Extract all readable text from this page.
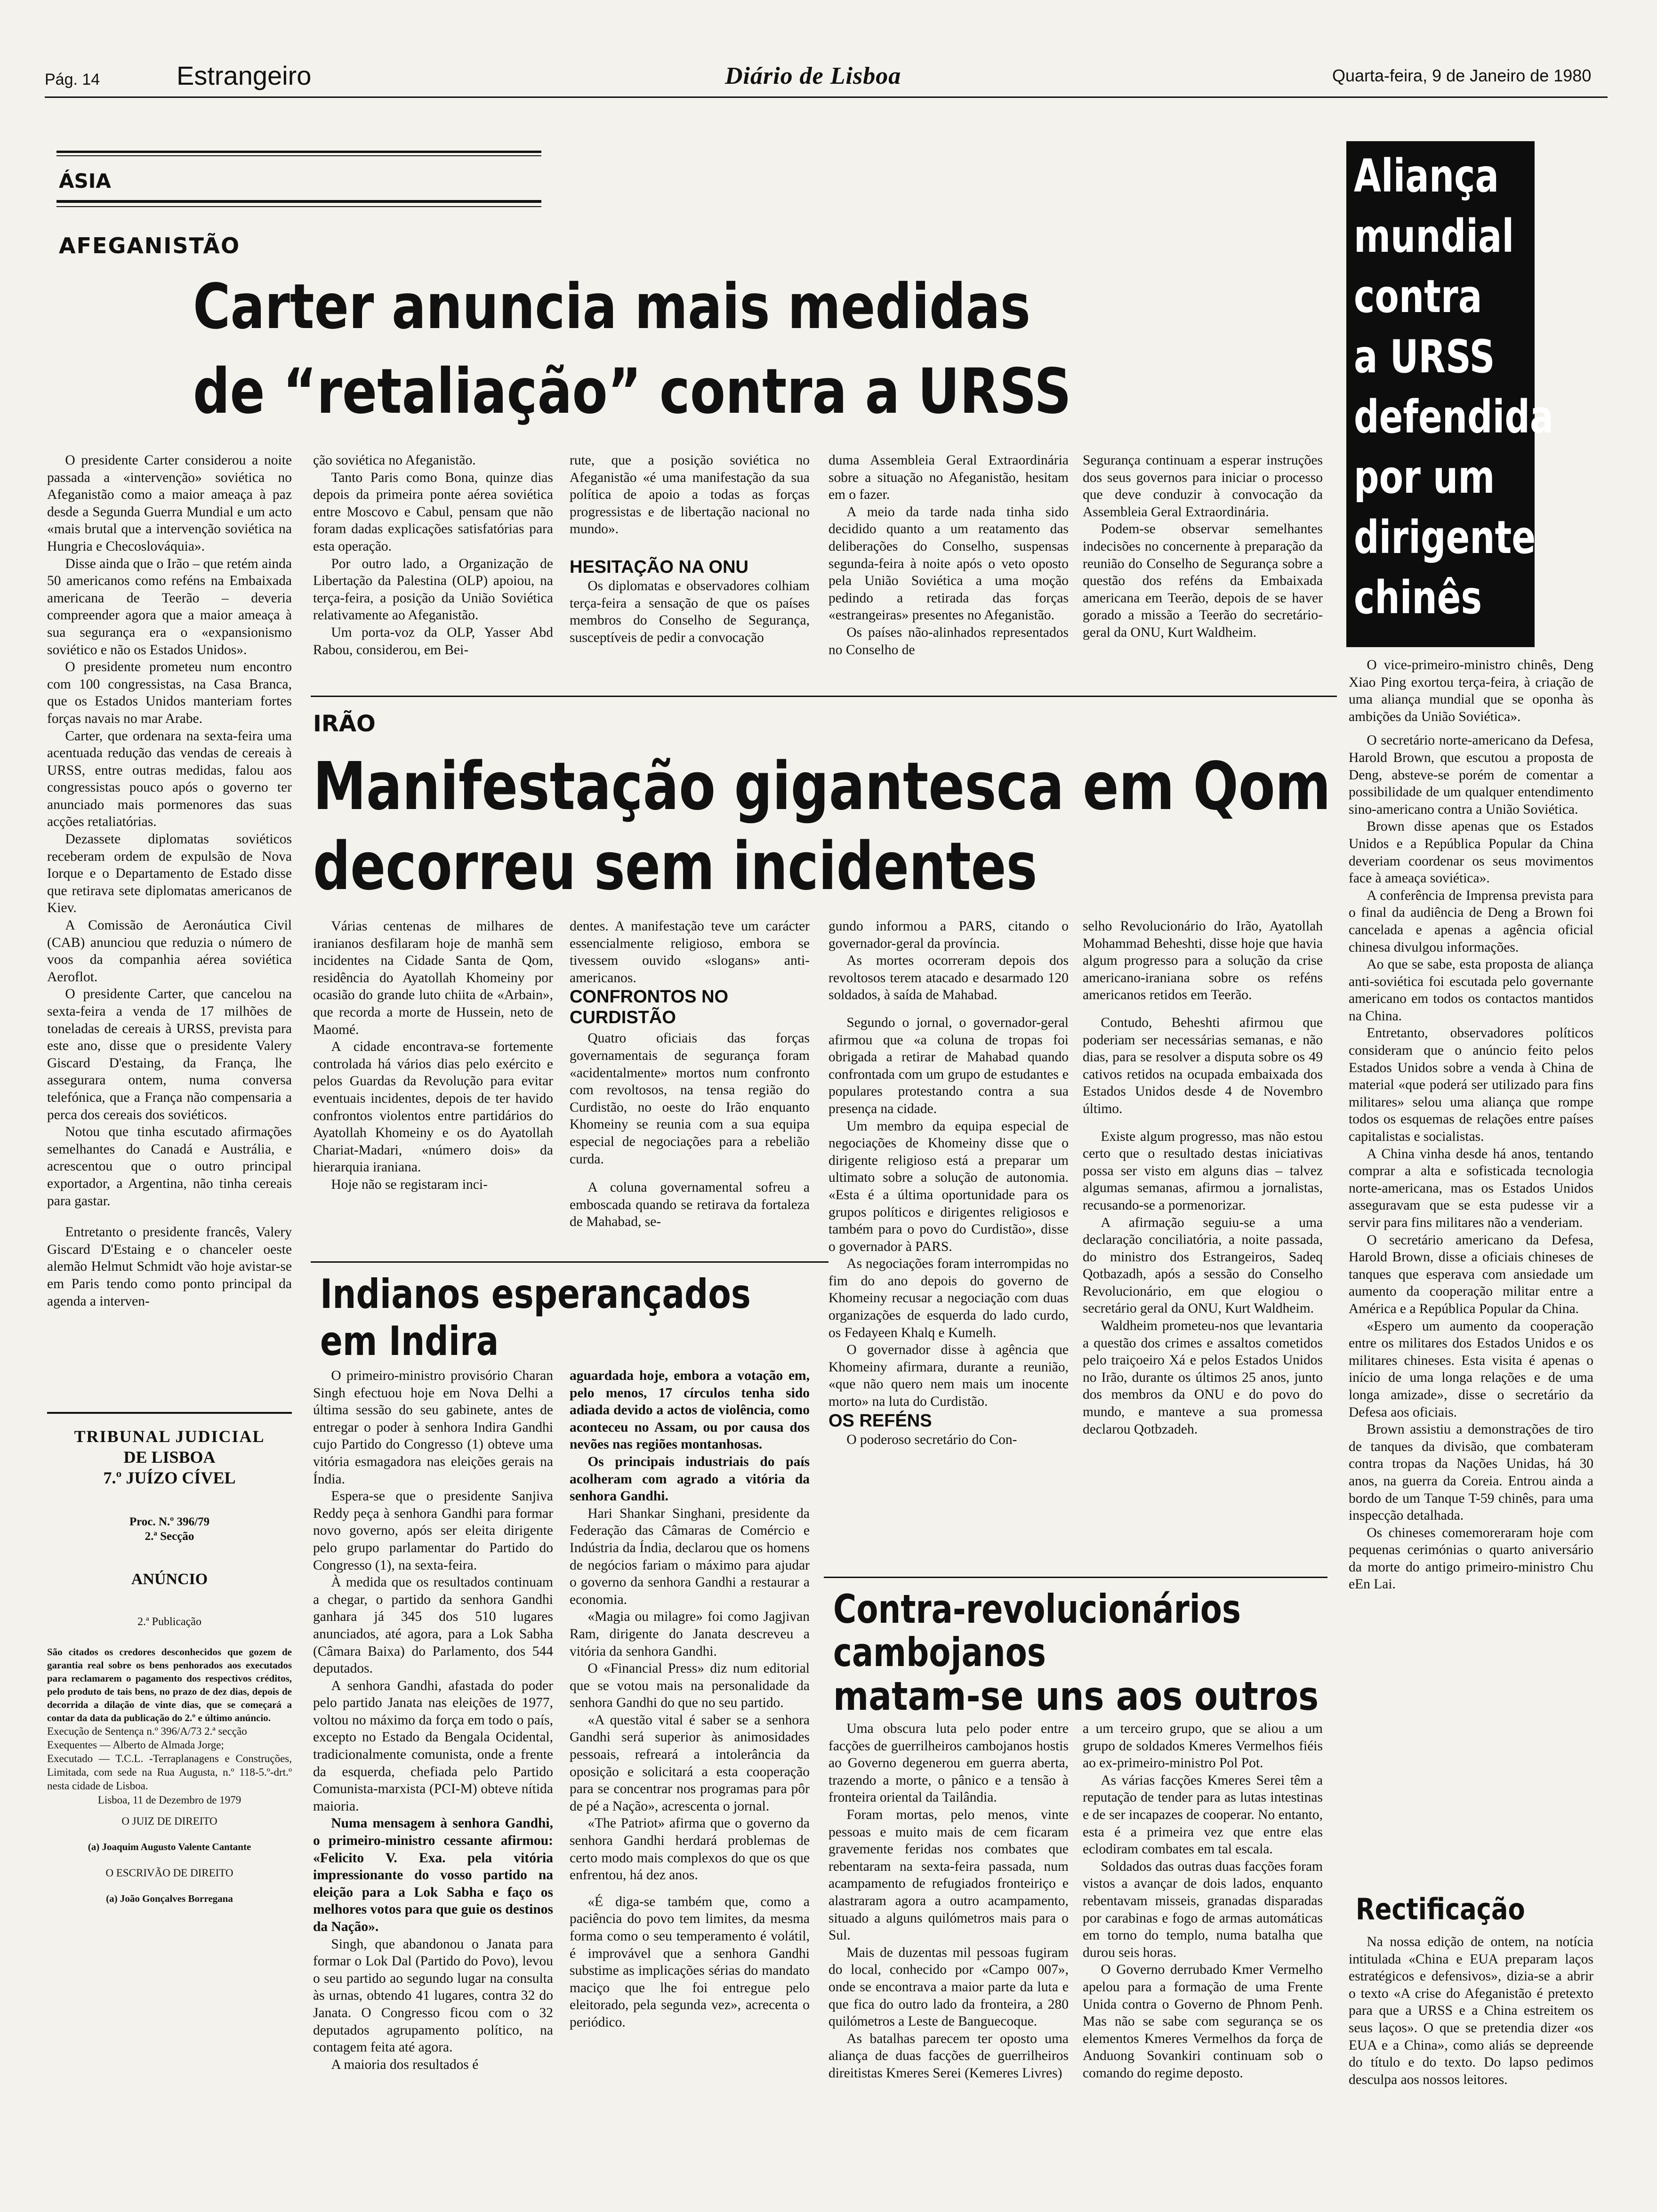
Pág. 14	Estrangeiro	Diário de Lisboa	Quarta-feira, 9 de Janeiro de 1980
ÁSIA
AFEGANISTÃO
Carter anuncia mais medidas
de “retaliação” contra a URSS

O presidente Carter considerou a noite passada a «intervenção» soviética no Afeganistão como a maior ameaça à paz desde a Segunda Guerra Mundial e um acto «mais brutal que a intervenção soviética na Hungria e Checoslováquia».

Disse ainda que o Irão – que retém ainda 50 americanos como reféns na Embaixada americana de Teerão – deveria compreender agora que a maior ameaça à sua segurança era o «expansionismo soviético e não os Estados Unidos».

O presidente prometeu num encontro com 100 congressistas, na Casa Branca, que os Estados Unidos manteriam fortes forças navais no mar Arabe.

Carter, que ordenara na sexta-feira uma acentuada redução das vendas de cereais à URSS, entre outras medidas, falou aos congressistas pouco após o governo ter anunciado mais pormenores das suas acções retaliatórias.

Dezassete diplomatas soviéticos receberam ordem de expulsão de Nova Iorque e o Departamento de Estado disse que retirava sete diplomatas americanos de Kiev.

A Comissão de Aeronáutica Civil (CAB) anunciou que reduzia o número de voos da companhia aérea soviética Aeroflot.

O presidente Carter, que cancelou na sexta-feira a venda de 17 milhões de toneladas de cereais à URSS, prevista para este ano, disse que o presidente Valery Giscard D'estaing, da França, lhe assegurara ontem, numa conversa telefónica, que a França não compensaria a perca dos cereais dos soviéticos.

Notou que tinha escutado afirmações semelhantes do Canadá e Austrália, e acrescentou que o outro principal exportador, a Argentina, não tinha cereais para gastar.

Entretanto o presidente francês, Valery Giscard D'Estaing e o chanceler oeste alemão Helmut Schmidt vão hoje avistar-se em Paris tendo como ponto principal da agenda a interven-

ção soviética no Afeganistão.

Tanto Paris como Bona, quinze dias depois da primeira ponte aérea soviética entre Moscovo e Cabul, pensam que não foram dadas explicações satisfatórias para esta operação.

Por outro lado, a Organização de Libertação da Palestina (OLP) apoiou, na terça-feira, a posição da União Soviética relativamente ao Afeganistão.

Um porta-voz da OLP, Yasser Abd Rabou, considerou, em Bei-

rute, que a posição soviética no Afeganistão «é uma manifestação da sua política de apoio a todas as forças progressistas e de libertação nacional no mundo».

HESITAÇÃO NA ONU

Os diplomatas e observadores colhiam terça-feira a sensação de que os países membros do Conselho de Segurança, susceptíveis de pedir a convocação

duma Assembleia Geral Extraordinária sobre a situação no Afeganistão, hesitam em o fazer.

A meio da tarde nada tinha sido decidido quanto a um reatamento das deliberações do Conselho, suspensas segunda-feira à noite após o veto oposto pela União Soviética a uma moção pedindo a retirada das forças «estrangeiras» presentes no Afeganistão.

Os países não-alinhados representados no Conselho de

Segurança continuam a esperar instruções dos seus governos para iniciar o processo que deve conduzir à convocação da Assembleia Geral Extraordinária.

Podem-se observar semelhantes indecisões no concernente à preparação da reunião do Conselho de Segurança sobre a questão dos reféns da Embaixada americana em Teerão, depois de se haver gorado a missão a Teerão do secretário-geral da ONU, Kurt Waldheim.

Aliança
mundial
contra
a URSS
defendida
por um
dirigente
chinês

O vice-primeiro-ministro chinês, Deng Xiao Ping exortou terça-feira, à criação de uma aliança mundial que se oponha às ambições da União Soviética».

O secretário norte-americano da Defesa, Harold Brown, que escutou a proposta de Deng, absteve-se porém de comentar a possibilidade de um qualquer entendimento sino-americano contra a União Soviética.

Brown disse apenas que os Estados Unidos e a República Popular da China deveriam coordenar os seus movimentos face à ameaça soviética».

A conferência de Imprensa prevista para o final da audiência de Deng a Brown foi cancelada e apenas a agência oficial chinesa divulgou informações.

Ao que se sabe, esta proposta de aliança anti-soviética foi escutada pelo governante americano em todos os contactos mantidos na China.

Entretanto, observadores políticos consideram que o anúncio feito pelos Estados Unidos sobre a venda à China de material «que poderá ser utilizado para fins militares» selou uma aliança que rompe todos os esquemas de relações entre países capitalistas e socialistas.

A China vinha desde há anos, tentando comprar a alta e sofisticada tecnologia norte-americana, mas os Estados Unidos asseguravam que se esta pudesse vir a servir para fins militares não a venderiam.

O secretário americano da Defesa, Harold Brown, disse a oficiais chineses de tanques que esperava com ansiedade um aumento da cooperação militar entre a América e a República Popular da China.

«Espero um aumento da cooperação entre os militares dos Estados Unidos e os militares chineses. Esta visita é apenas o início de uma longa relações e de uma longa amizade», disse o secretário da Defesa aos oficiais.

Brown assistiu a demonstrações de tiro de tanques da divisão, que combateram contra tropas da Nações Unidas, há 30 anos, na guerra da Coreia. Entrou ainda a bordo de um Tanque T-59 chinês, para uma inspecção detalhada.

Os chineses comemoreraram hoje com pequenas cerimónias o quarto aniversário da morte do antigo primeiro-ministro Chu eEn Lai.

Rectificação

Na nossa edição de ontem, na notícia intitulada «China e EUA preparam laços estratégicos e defensivos», dizia-se a abrir o texto «A crise do Afeganistão é pretexto para que a URSS e a China estreitem os seus laços». O que se pretendia dizer «os EUA e a China», como aliás se depreende do título e do texto. Do lapso pedimos desculpa aos nossos leitores.

IRÃO
Manifestação gigantesca em Qom
decorreu sem incidentes

Várias centenas de milhares de iranianos desfilaram hoje de manhã sem incidentes na Cidade Santa de Qom, residência do Ayatollah Khomeiny por ocasião do grande luto chiita de «Arbain», que recorda a morte de Hussein, neto de Maomé.

A cidade encontrava-se fortemente controlada há vários dias pelo exército e pelos Guardas da Revolução para evitar eventuais incidentes, depois de ter havido confrontos violentos entre partidários do Ayatollah Khomeiny e os do Ayatollah Chariat-Madari, «número dois» da hierarquia iraniana.

Hoje não se registaram inci-

dentes. A manifestação teve um carácter essencialmente religioso, embora se tivessem ouvido «slogans» anti-americanos.

CONFRONTOS NO CURDISTÃO

Quatro oficiais das forças governamentais de segurança foram «acidentalmente» mortos num confronto com revoltosos, na tensa região do Curdistão, no oeste do Irão enquanto Khomeiny se reunia com a sua equipa especial de negociações para a rebelião curda.

A coluna governamental sofreu a emboscada quando se retirava da fortaleza de Mahabad, se-

gundo informou a PARS, citando o governador-geral da província.

As mortes ocorreram depois dos revoltosos terem atacado e desarmado 120 soldados, à saída de Mahabad.

Segundo o jornal, o governador-geral afirmou que «a coluna de tropas foi obrigada a retirar de Mahabad quando confrontada com um grupo de estudantes e populares protestando contra a sua presença na cidade.

Um membro da equipa especial de negociações de Khomeiny disse que o dirigente religioso está a preparar um ultimato sobre a solução de autonomia. «Esta é a última oportunidade para os grupos políticos e dirigentes religiosos e também para o povo do Curdistão», disse o governador à PARS.

As negociações foram interrompidas no fim do ano depois do governo de Khomeiny recusar a negociação com duas organizações de esquerda do lado curdo, os Fedayeen Khalq e Kumelh.

O governador disse à agência que Khomeiny afirmara, durante a reunião, «que não quero nem mais um inocente morto» na luta do Curdistão.

OS REFÉNS

O poderoso secretário do Con-

selho Revolucionário do Irão, Ayatollah Mohammad Beheshti, disse hoje que havia algum progresso para a solução da crise americano-iraniana sobre os reféns americanos retidos em Teerão.

Contudo, Beheshti afirmou que poderiam ser necessárias semanas, e não dias, para se resolver a disputa sobre os 49 cativos retidos na ocupada embaixada dos Estados Unidos desde 4 de Novembro último.

Existe algum progresso, mas não estou certo que o resultado destas iniciativas possa ser visto em alguns dias – talvez algumas semanas, afirmou a jornalistas, recusando-se a pormenorizar.

A afirmação seguiu-se a uma declaração conciliatória, a noite passada, do ministro dos Estrangeiros, Sadeq Qotbazadh, após a sessão do Conselho Revolucionário, em que elogiou o secretário geral da ONU, Kurt Waldheim.

Waldheim prometeu-nos que levantaria a questão dos crimes e assaltos cometidos pelo traiçoeiro Xá e pelos Estados Unidos no Irão, durante os últimos 25 anos, junto dos membros da ONU e do povo do mundo, e manteve a sua promessa declarou Qotbzadeh.

Indianos esperançados
em Indira

O primeiro-ministro provisório Charan Singh efectuou hoje em Nova Delhi a última sessão do seu gabinete, antes de entregar o poder à senhora Indira Gandhi cujo Partido do Congresso (1) obteve uma vitória esmagadora nas eleições gerais na Índia.

Espera-se que o presidente Sanjiva Reddy peça à senhora Gandhi para formar novo governo, após ser eleita dirigente pelo grupo parlamentar do Partido do Congresso (1), na sexta-feira.

À medida que os resultados continuam a chegar, o partido da senhora Gandhi ganhara já 345 dos 510 lugares anunciados, até agora, para a Lok Sabha (Câmara Baixa) do Parlamento, dos 544 deputados.

A senhora Gandhi, afastada do poder pelo partido Janata nas eleições de 1977, voltou no máximo da força em todo o país, excepto no Estado da Bengala Ocidental, tradicionalmente comunista, onde a frente da esquerda, chefiada pelo Partido Comunista-marxista (PCI-M) obteve nítida maioria.

Numa mensagem à senhora Gandhi, o primeiro-ministro cessante afirmou: «Felicito V. Exa. pela vitória impressionante do vosso partido na eleição para a Lok Sabha e faço os melhores votos para que guie os destinos da Nação».

Singh, que abandonou o Janata para formar o Lok Dal (Partido do Povo), levou o seu partido ao segundo lugar na consulta às urnas, obtendo 41 lugares, contra 32 do Janata. O Congresso ficou com o 32 deputados agrupamento político, na contagem feita até agora.

A maioria dos resultados é

aguardada hoje, embora a votação em, pelo menos, 17 círculos tenha sido adiada devido a actos de violência, como aconteceu no Assam, ou por causa dos nevões nas regiões montanhosas.

Os principais industriais do país acolheram com agrado a vitória da senhora Gandhi.

Hari Shankar Singhani, presidente da Federação das Câmaras de Comércio e Indústria da Índia, declarou que os homens de negócios fariam o máximo para ajudar o governo da senhora Gandhi a restaurar a economia.

«Magia ou milagre» foi como Jagjivan Ram, dirigente do Janata descreveu a vitória da senhora Gandhi.

O «Financial Press» diz num editorial que se votou mais na personalidade da senhora Gandhi do que no seu partido.

«A questão vital é saber se a senhora Gandhi será superior às animosidades pessoais, refreará a intolerância da oposição e solicitará a esta cooperação para se concentrar nos programas para pôr de pé a Nação», acrescenta o jornal.

«The Patriot» afirma que o governo da senhora Gandhi herdará problemas de certo modo mais complexos do que os que enfrentou, há dez anos.

«É diga-se também que, como a paciência do povo tem limites, da mesma forma como o seu temperamento é volátil, é improvável que a senhora Gandhi substime as implicações sérias do mandato maciço que lhe foi entregue pelo eleitorado, pela segunda vez», acrecenta o periódico.

Contra-revolucionários
cambojanos
matam-se uns aos outros

Uma obscura luta pelo poder entre facções de guerrilheiros cambojanos hostis ao Governo degenerou em guerra aberta, trazendo a morte, o pânico e a tensão à fronteira oriental da Tailândia.

Foram mortas, pelo menos, vinte pessoas e muito mais de cem ficaram gravemente feridas nos combates que rebentaram na sexta-feira passada, num acampamento de refugiados fronteiriço e alastraram agora a outro acampamento, situado a alguns quilómetros mais para o Sul.

Mais de duzentas mil pessoas fugiram do local, conhecido por «Campo 007», onde se encontrava a maior parte da luta e que fica do outro lado da fronteira, a 280 quilómetros a Leste de Banguecoque.

As batalhas parecem ter oposto uma aliança de duas facções de guerrilheiros direitistas Kmeres Serei (Kemeres Livres)

a um terceiro grupo, que se aliou a um grupo de soldados Kmeres Vermelhos fiéis ao ex-primeiro-ministro Pol Pot.

As várias facções Kmeres Serei têm a reputação de tender para as lutas intestinas e de ser incapazes de cooperar. No entanto, esta é a primeira vez que entre elas eclodiram combates em tal escala.

Soldados das outras duas facções foram vistos a avançar de dois lados, enquanto rebentavam misseis, granadas disparadas por carabinas e fogo de armas automáticas em torno do templo, numa batalha que durou seis horas.

O Governo derrubado Kmer Vermelho apelou para a formação de uma Frente Unida contra o Governo de Phnom Penh. Mas não se sabe com segurança se os elementos Kmeres Vermelhos da força de Anduong Sovankiri continuam sob o comando do regime deposto.

TRIBUNAL JUDICIAL

DE LISBOA

7.º JUÍZO CÍVEL

Proc. N.º 396/79

2.ª Secção

ANÚNCIO

2.ª Publicação

São citados os credores desconhecidos que gozem de garantia real sobre os bens penhorados aos executados para reclamarem o pagamento dos respectivos créditos, pelo produto de tais bens, no prazo de dez dias, depois de decorrida a dilação de vinte dias, que se começará a contar da data da publicação do 2.º e último anúncio.

Execução de Sentença n.º 396/A/73 2.ª secção

Exequentes — Alberto de Almada Jorge;

Executado — T.C.L. -Terraplanagens e Construções, Limitada, com sede na Rua Augusta, n.º 118-5.º-drt.º nesta cidade de Lisboa.

Lisboa, 11 de Dezembro de 1979

O JUIZ DE DIREITO

(a) Joaquim Augusto Valente Cantante

O ESCRIVÃO DE DIREITO

(a) João Gonçalves Borregana
